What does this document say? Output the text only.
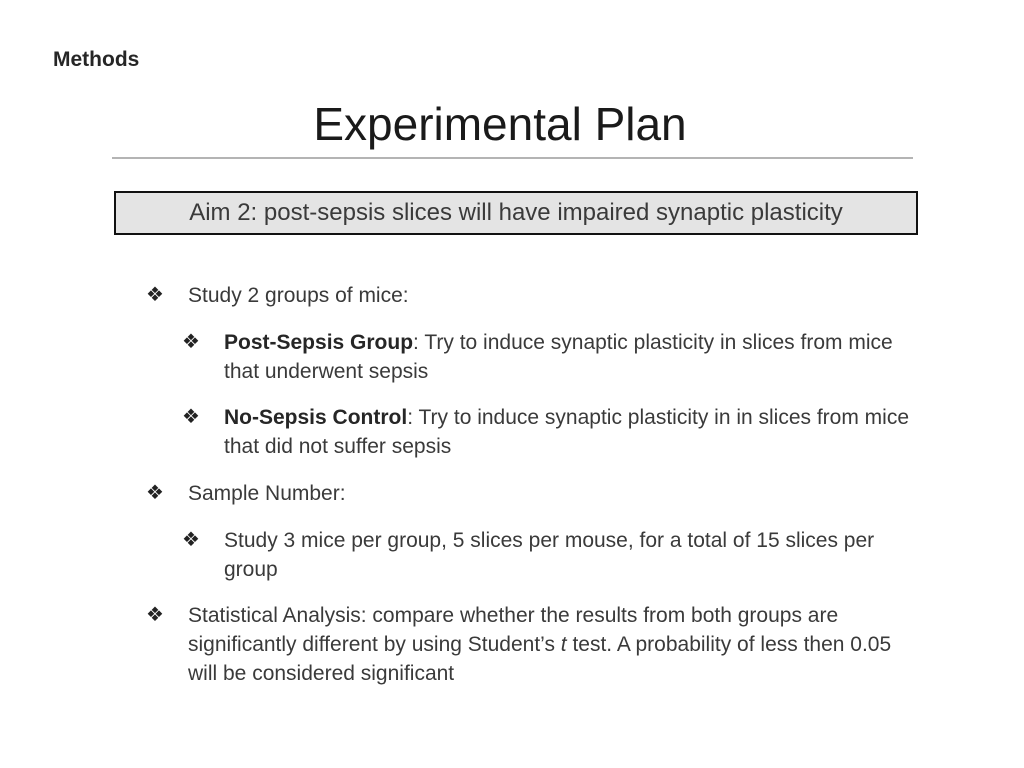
Methods
Experimental Plan
Aim 2: post-sepsis slices will have impaired synaptic plasticity
❖	Study 2 groups of mice:
❖	Post-Sepsis Group: Try to induce synaptic plasticity in slices from mice that underwent sepsis
❖	No-Sepsis Control: Try to induce synaptic plasticity in in slices from mice that did not suffer sepsis
❖	Sample Number:
❖	Study 3 mice per group, 5 slices per mouse, for a total of 15 slices per group
❖	Statistical Analysis: compare whether the results from both groups are significantly different by using Student’s t test. A probability of less then 0.05 will be considered significant
